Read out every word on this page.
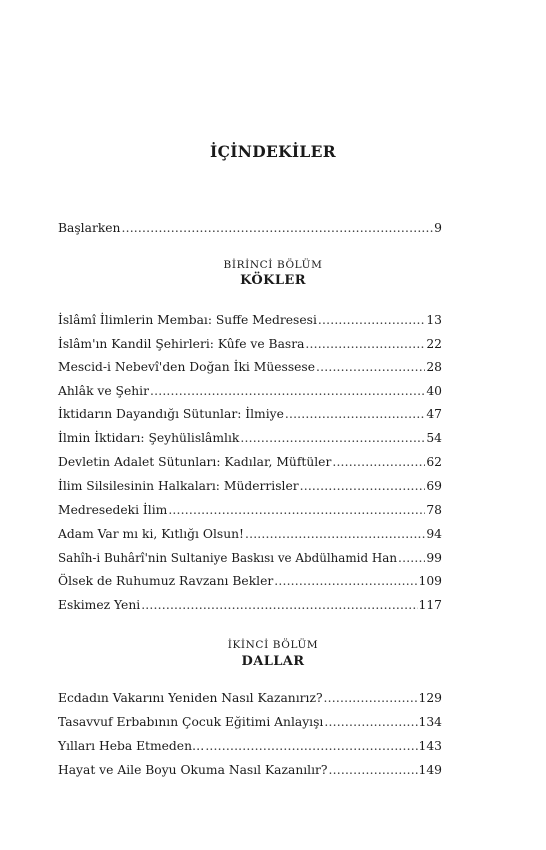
İÇİNDEKİLER
Başlarken .....	9
BİRİNCİ BÖLÜM
KÖKLER
İslâmî İlimlerin Membaı: Suffe Medresesi .....	13
İslâm'ın Kandil Şehirleri: Kûfe ve Basra .....	22
Mescid-i Nebevî'den Doğan İki Müessese .....	28
Ahlâk ve Şehir .....	40
İktidarın Dayandığı Sütunlar: İlmiye .....	47
İlmin İktidarı: Şeyhülislâmlık .....	54
Devletin Adalet Sütunları: Kadılar, Müftüler .....	62
İlim Silsilesinin Halkaları: Müderrisler .....	69
Medresedeki İlim .....	78
Adam Var mı ki, Kıtlığı Olsun! .....	94
Sahîh-i Buhârî'nin Sultaniye Baskısı ve Abdülhamid Han ..... 99
Ölsek de Ruhumuz Ravzanı Bekler .....	109
Eskimez Yeni .....	117
İKİNCİ BÖLÜM
DALLAR
Ecdadın Vakarını Yeniden Nasıl Kazanırız? .....	129
Tasavvuf Erbabının Çocuk Eğitimi Anlayışı .....	134
Yılları Heba Etmeden… .....	143
Hayat ve Aile Boyu Okuma Nasıl Kazanılır? .....	149
